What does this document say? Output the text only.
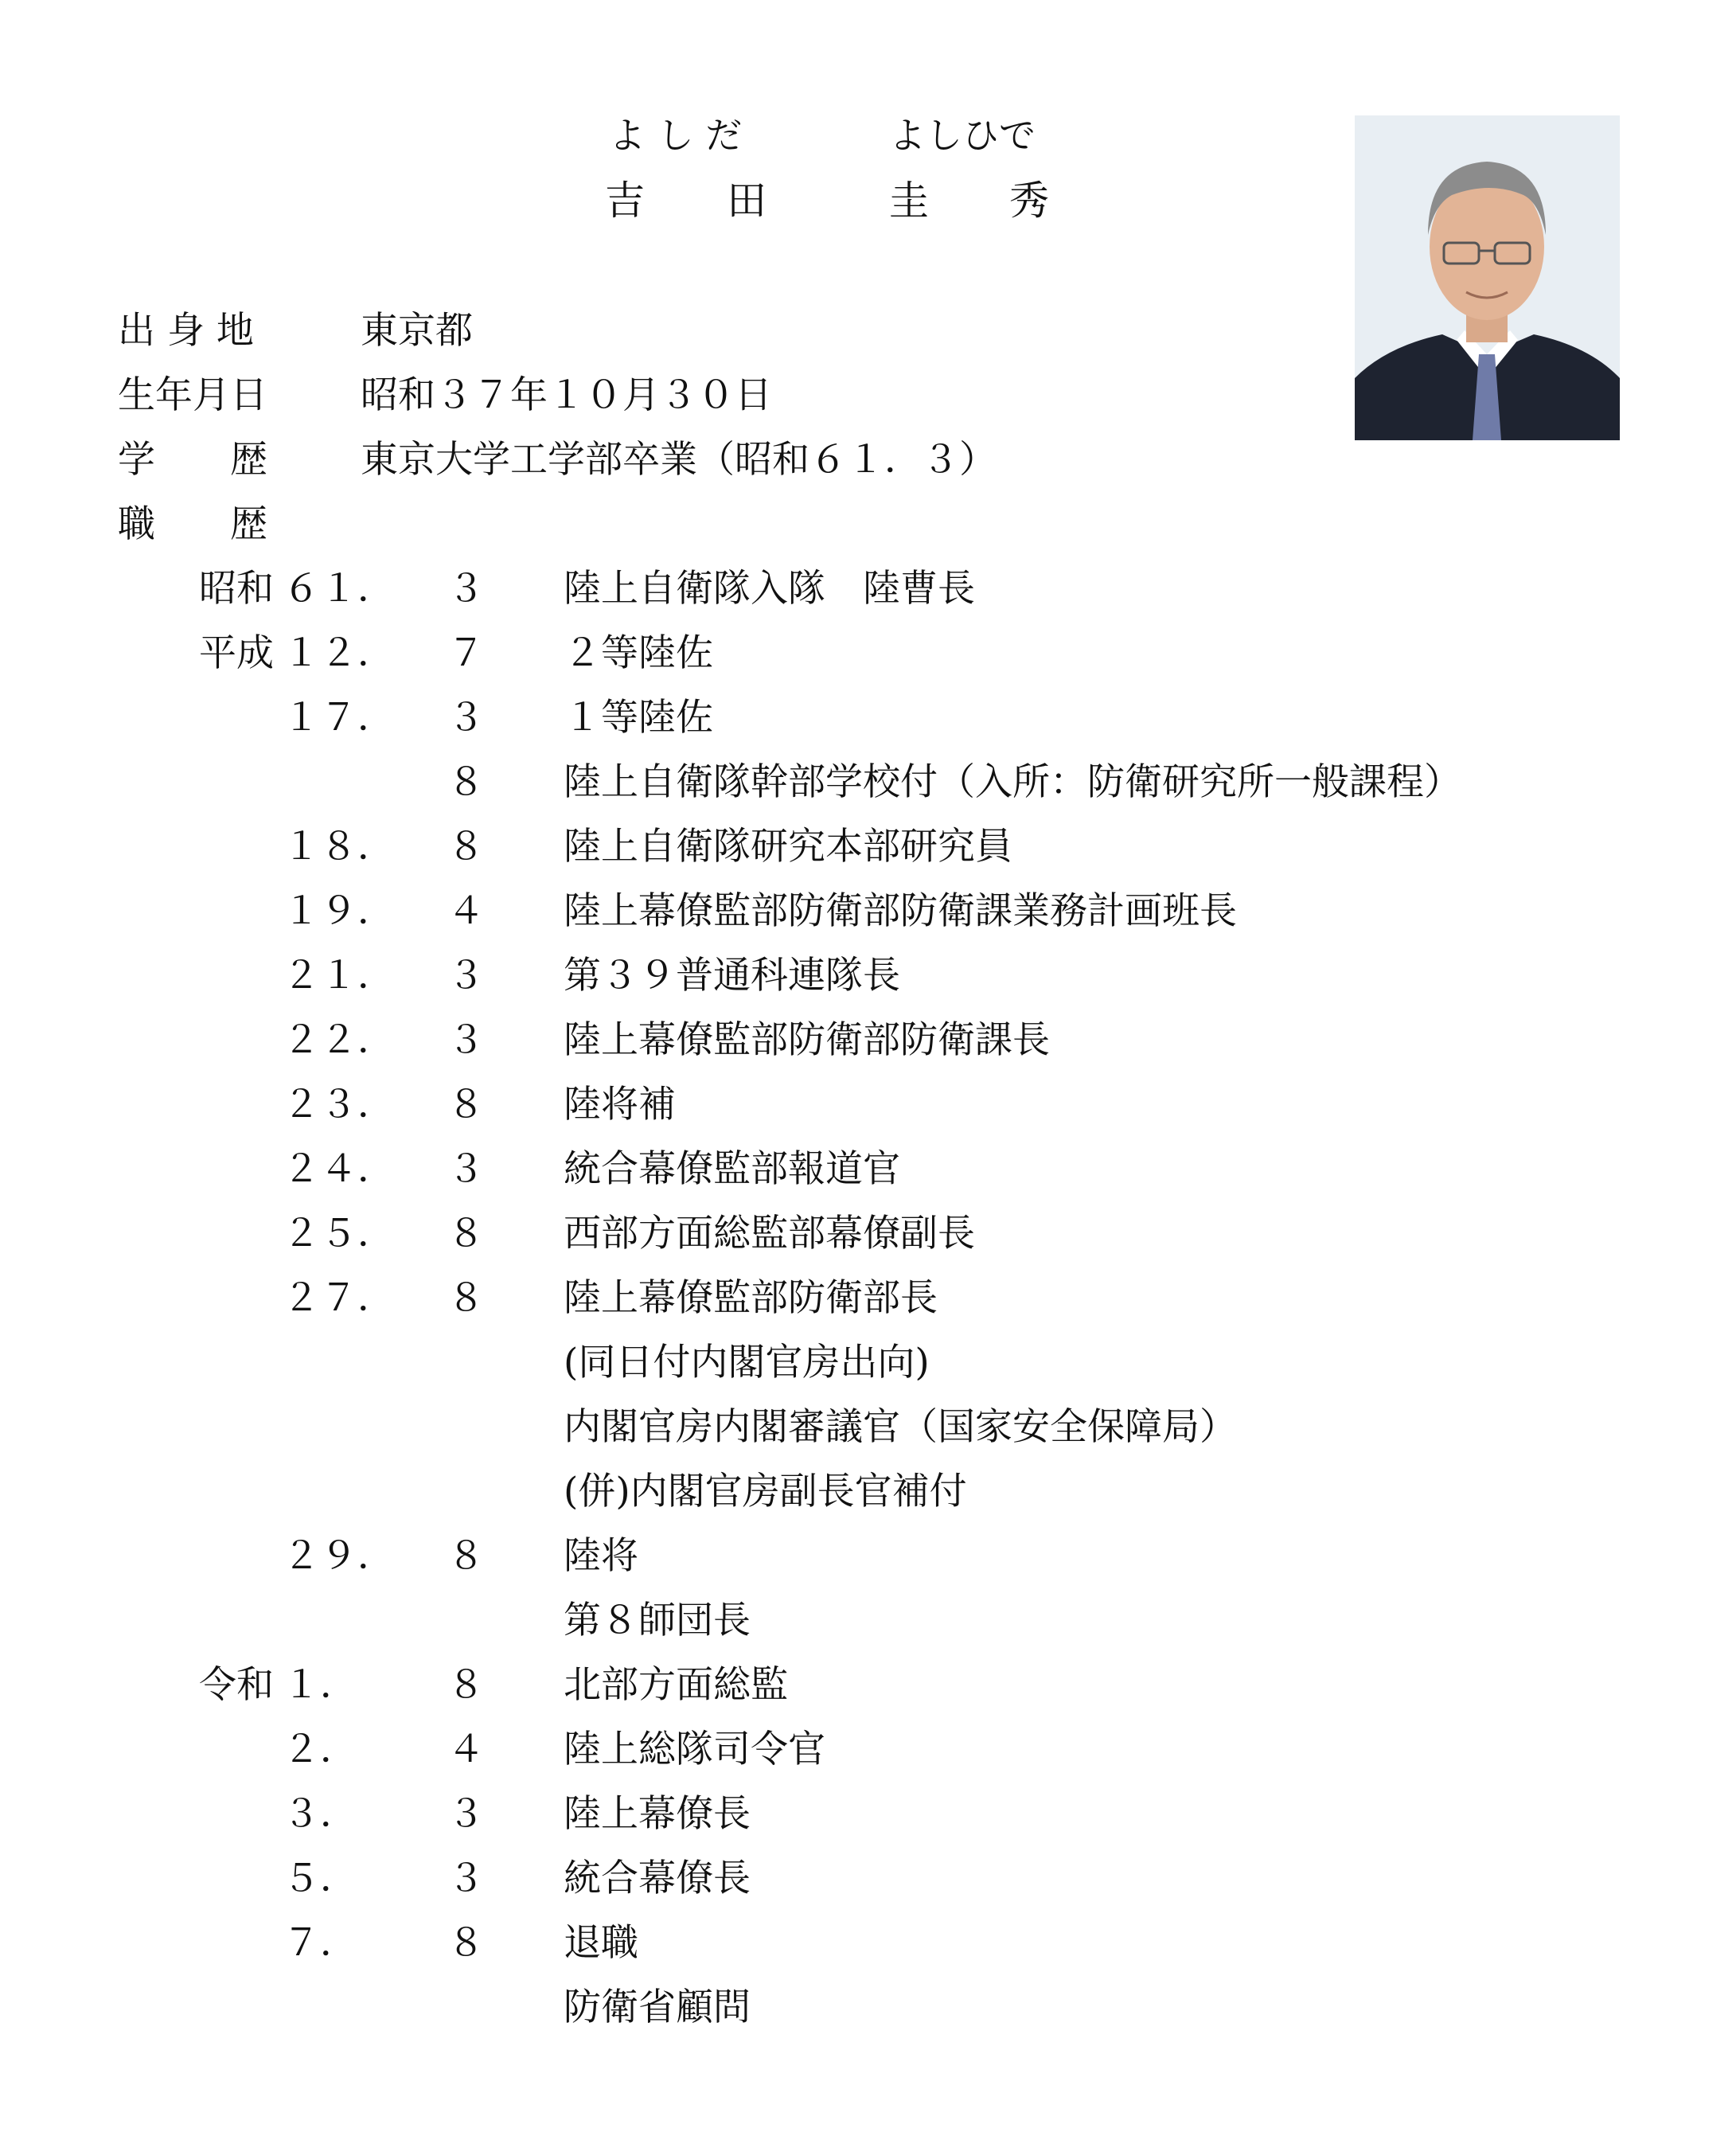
よ し だ	よしひで
吉 田	圭 秀
出 身 地	東京都
生年月日 昭和３７年１０月３０日
学　　歴 東京大学工学部卒業（昭和６１．３）
職　　歴
昭和 ６１． ３ 陸上自衛隊入隊　陸曹長
平成 １２． ７ ２等陸佐
１７． ３ １等陸佐
８ 陸上自衛隊幹部学校付（入所：防衛研究所一般課程）
１８． ８ 陸上自衛隊研究本部研究員
１９． ４ 陸上幕僚監部防衛部防衛課業務計画班長
２１． ３ 第３９普通科連隊長
２２． ３ 陸上幕僚監部防衛部防衛課長
２３． ８ 陸将補
２４． ３ 統合幕僚監部報道官
２５． ８ 西部方面総監部幕僚副長
２７． ８ 陸上幕僚監部防衛部長
(同日付内閣官房出向)
内閣官房内閣審議官（国家安全保障局）
(併)内閣官房副長官補付
２９． ８ 陸将
第８師団長
令和 １． ８ 北部方面総監
２． ４ 陸上総隊司令官
３． ３ 陸上幕僚長
５． ３ 統合幕僚長
７． ８ 退職
防衛省顧問
